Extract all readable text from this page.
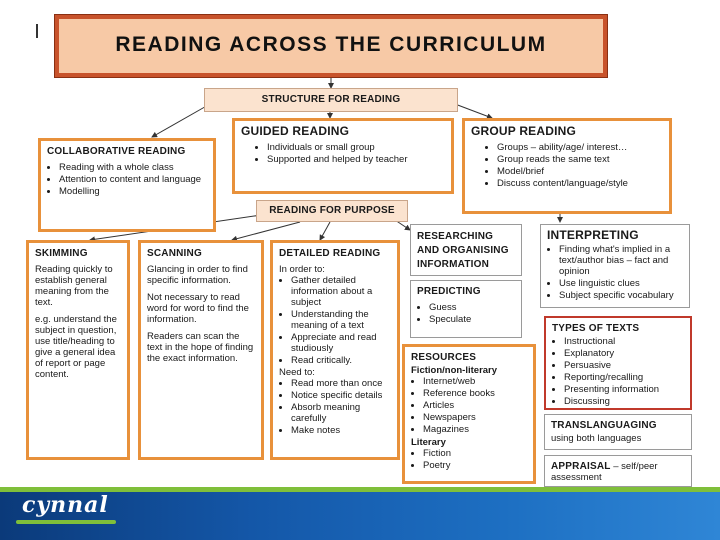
READING ACROSS THE CURRICULUM
STRUCTURE FOR READING
COLLABORATIVE READING
• Reading with a whole class
• Attention to content and language
• Modelling
GUIDED READING
• Individuals or small group
• Supported and helped by teacher
GROUP READING
• Groups – ability/age/ interest…
• Group reads the same text
• Model/brief
• Discuss content/language/style
READING FOR PURPOSE
SKIMMING

Reading quickly to establish general meaning from the text.

e.g. understand the subject in question, use title/heading to give a general idea of report or page content.

SCANNING

Glancing in order to find specific information.

Not necessary to read word for word to find the information.

Readers can scan the text in the hope of finding the exact information.

DETAILED READING
In order to:
• Gather detailed information about a subject
• Understanding the meaning of a text
• Appreciate and read studiously
• Read critically.
Need to:
• Read more than once
• Notice specific details
• Absorb meaning carefully
• Make notes
RESEARCHING AND ORGANISING INFORMATION
PREDICTING
• Guess
• Speculate
RESOURCES
Fiction/non-literary
• Internet/web
• Reference books
• Articles
• Newspapers
• Magazines
Literary
• Fiction
• Poetry
INTERPRETING
• Finding what's implied in a text/author bias – fact and opinion
• Use linguistic clues
• Subject specific vocabulary
TYPES OF TEXTS
• Instructional
• Explanatory
• Persuasive
• Reporting/recalling
• Presenting information
• Discussing
TRANSLANGUAGING
using both languages
APPRAISAL – self/peer assessment
cynnal
